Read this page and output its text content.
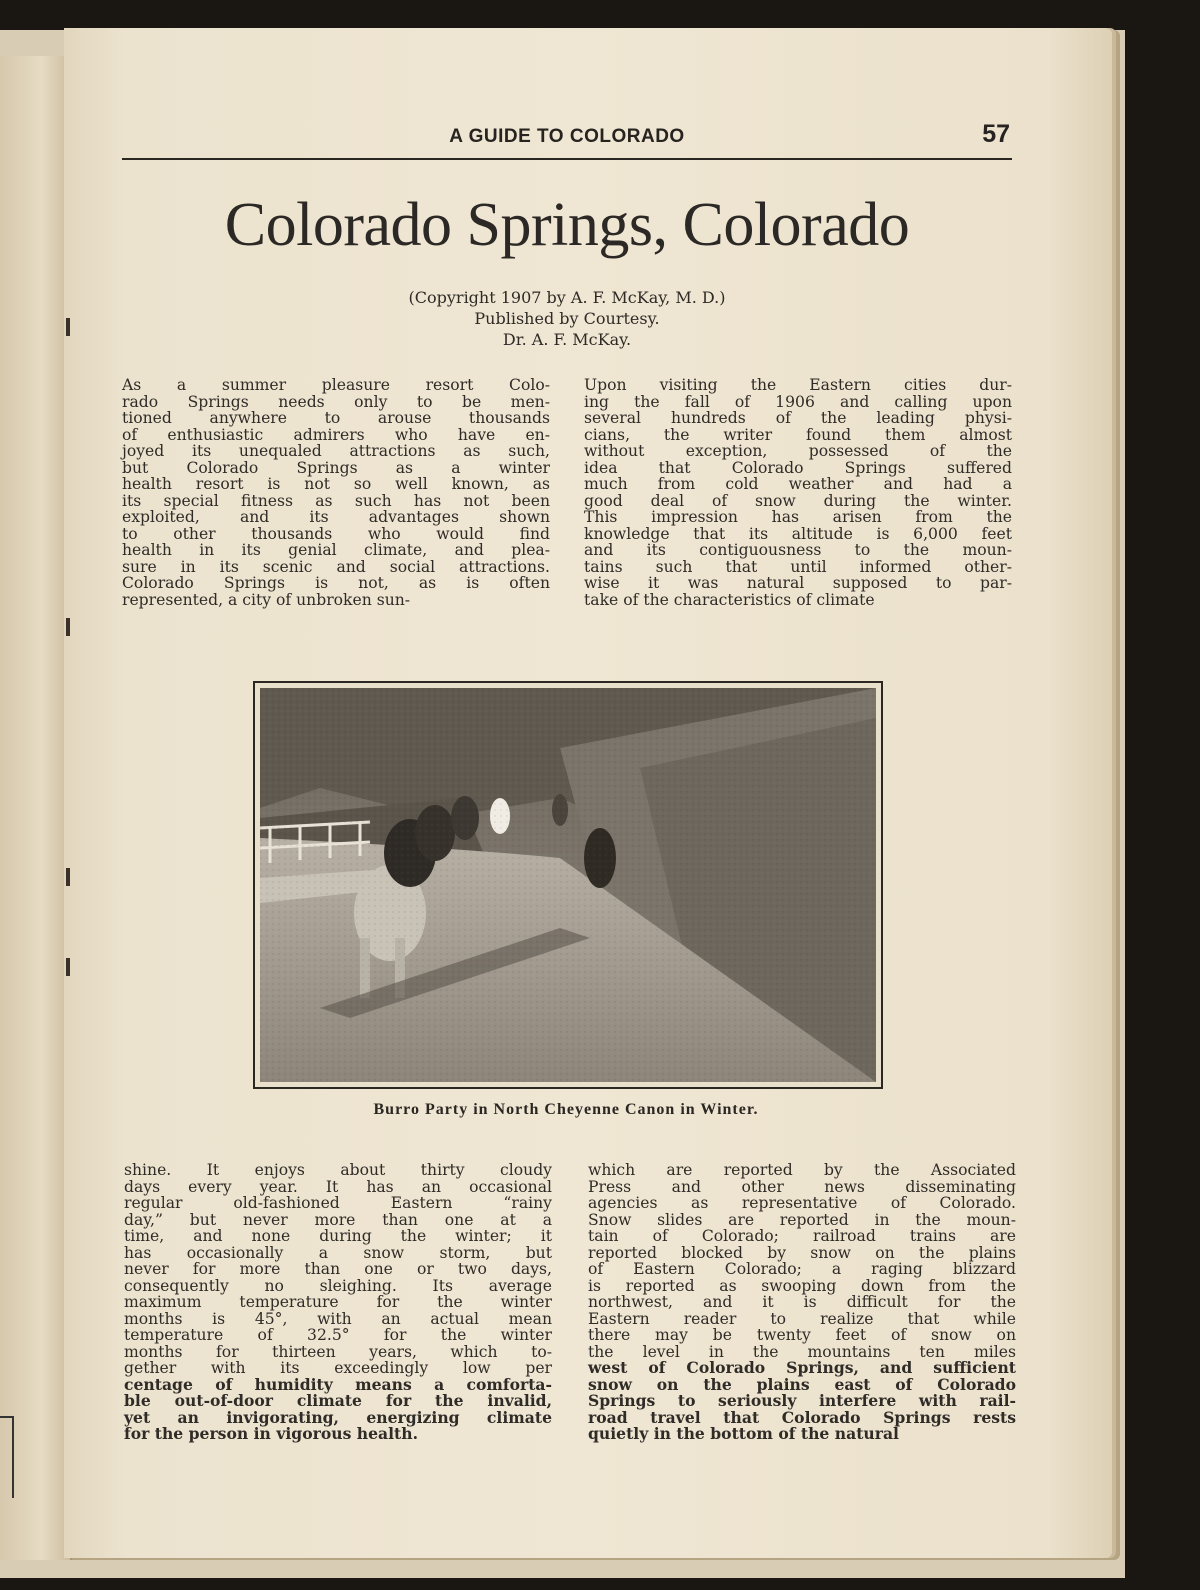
A GUIDE TO COLORADO	57
Colorado Springs, Colorado
(Copyright 1907 by A. F. McKay, M. D.)
Published by Courtesy.
Dr. A. F. McKay.
As a summer pleasure resort Colo-
rado Springs needs only to be men-
tioned anywhere to arouse thousands
of enthusiastic admirers who have en-
joyed its unequaled attractions as such,
but Colorado Springs as a winter
health resort is not so well known, as
its special fitness as such has not been
exploited, and its advantages shown
to other thousands who would find
health in its genial climate, and plea-
sure in its scenic and social attractions.
Colorado Springs is not, as is often
represented, a city of unbroken sun-
Upon visiting the Eastern cities dur-
ing the fall of 1906 and calling upon
several hundreds of the leading physi-
cians, the writer found them almost
without exception, possessed of the
idea that Colorado Springs suffered
much from cold weather and had a
good deal of snow during the winter.
This impression has arisen from the
knowledge that its altitude is 6,000 feet
and its contiguousness to the moun-
tains such that until informed other-
wise it was natural supposed to par-
take of the characteristics of climate
Burro Party in North Cheyenne Canon in Winter.
shine. It enjoys about thirty cloudy
days every year. It has an occasional
regular old-fashioned Eastern “rainy
day,” but never more than one at a
time, and none during the winter; it
has occasionally a snow storm, but
never for more than one or two days,
consequently no sleighing. Its average
maximum temperature for the winter
months is 45°, with an actual mean
temperature of 32.5° for the winter
months for thirteen years, which to-
gether with its exceedingly low per
centage of humidity means a comforta-
ble out-of-door climate for the invalid,
yet an invigorating, energizing climate
for the person in vigorous health.
which are reported by the Associated
Press and other news disseminating
agencies as representative of Colorado.
Snow slides are reported in the moun-
tain of Colorado; railroad trains are
reported blocked by snow on the plains
of Eastern Colorado; a raging blizzard
is reported as swooping down from the
northwest, and it is difficult for the
Eastern reader to realize that while
there may be twenty feet of snow on
the level in the mountains ten miles
west of Colorado Springs, and sufficient
snow on the plains east of Colorado
Springs to seriously interfere with rail-
road travel that Colorado Springs rests
quietly in the bottom of the natural
